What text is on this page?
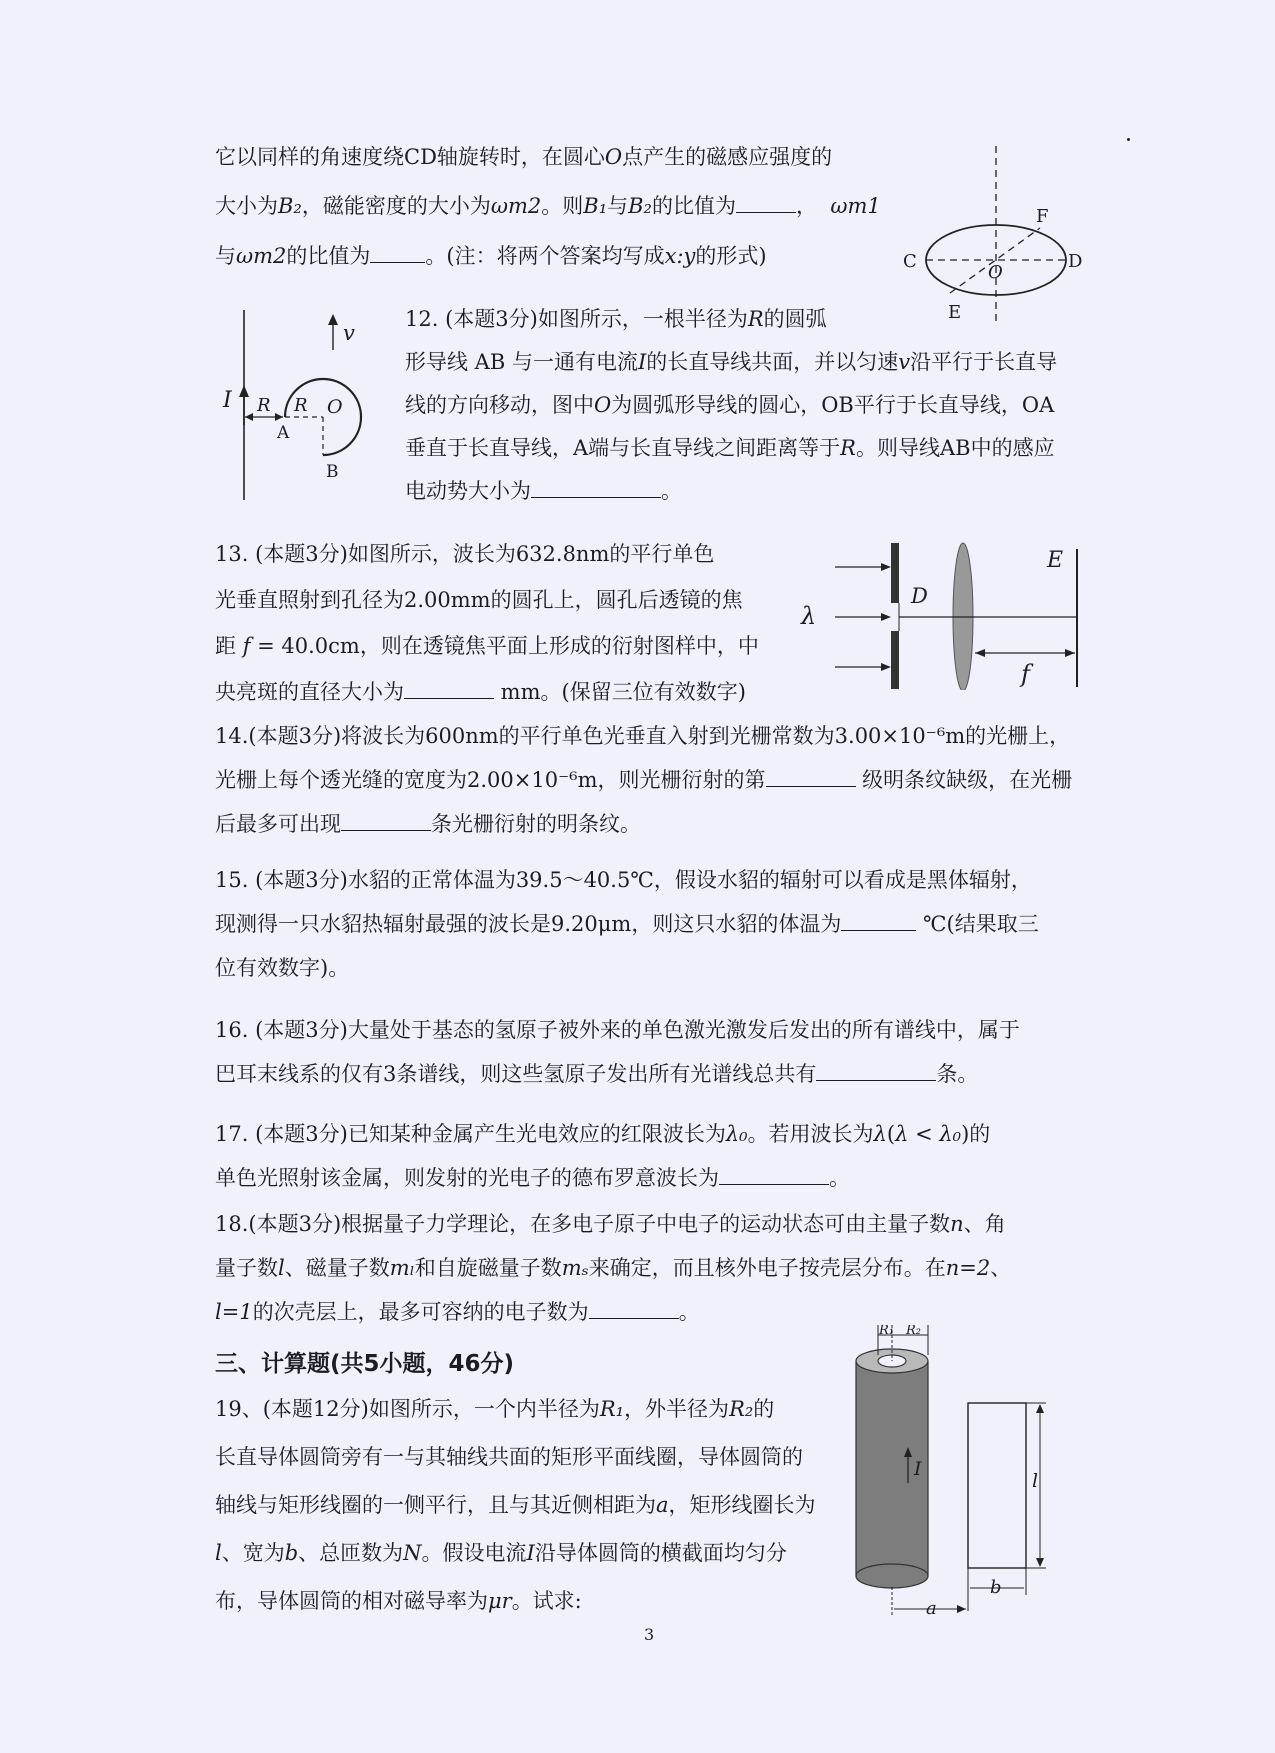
它以同样的角速度绕CD轴旋转时，在圆心O点产生的磁感应强度的
大小为B₂，磁能密度的大小为ωm2。则B₁与B₂的比值为	， ωm1
与ωm2的比值为	。(注：将两个答案均写成x:y的形式)	C	D
F
E
O
I R R O
A
B
v
12. (本题3分)如图所示，一根半径为R的圆弧
形导线 AB 与一通有电流I的长直导线共面，并以匀速v沿平行于长直导
线的方向移动，图中O为圆弧形导线的圆心，OB平行于长直导线，OA
垂直于长直导线，A端与长直导线之间距离等于R。则导线AB中的感应
电动势大小为	。
13. (本题3分)如图所示，波长为632.8nm的平行单色
光垂直照射到孔径为2.00mm的圆孔上，圆孔后透镜的焦
距 f = 40.0cm，则在透镜焦平面上形成的衍射图样中，中
央亮斑的直径大小为	mm。(保留三位有效数字)
λ
D
E
f
14.(本题3分)将波长为600nm的平行单色光垂直入射到光栅常数为3.00×10⁻⁶m的光栅上，
光栅上每个透光缝的宽度为2.00×10⁻⁶m，则光栅衍射的第	级明条纹缺级，在光栅
后最多可出现	条光栅衍射的明条纹。
15. (本题3分)水貂的正常体温为39.5～40.5℃，假设水貂的辐射可以看成是黑体辐射，
现测得一只水貂热辐射最强的波长是9.20μm，则这只水貂的体温为	℃(结果取三
位有效数字)。
16. (本题3分)大量处于基态的氢原子被外来的单色激光激发后发出的所有谱线中，属于
巴耳末线系的仅有3条谱线，则这些氢原子发出所有光谱线总共有	条。
17. (本题3分)已知某种金属产生光电效应的红限波长为λ₀。若用波长为λ(λ < λ₀)的
单色光照射该金属，则发射的光电子的德布罗意波长为	。
18.(本题3分)根据量子力学理论，在多电子原子中电子的运动状态可由主量子数n、角
量子数l、磁量子数mₗ和自旋磁量子数mₛ来确定，而且核外电子按壳层分布。在n=2、
l=1的次壳层上，最多可容纳的电子数为	。
三、计算题(共5小题，46分)
19、(本题12分)如图所示，一个内半径为R₁，外半径为R₂的
长直导体圆筒旁有一与其轴线共面的矩形平面线圈，导体圆筒的
轴线与矩形线圈的一侧平行，且与其近侧相距为a，矩形线圈长为
l、宽为b、总匝数为N。假设电流I沿导体圆筒的横截面均匀分
布，导体圆筒的相对磁导率为μr。试求:
R₁ R₂
I
l
b
a
3
